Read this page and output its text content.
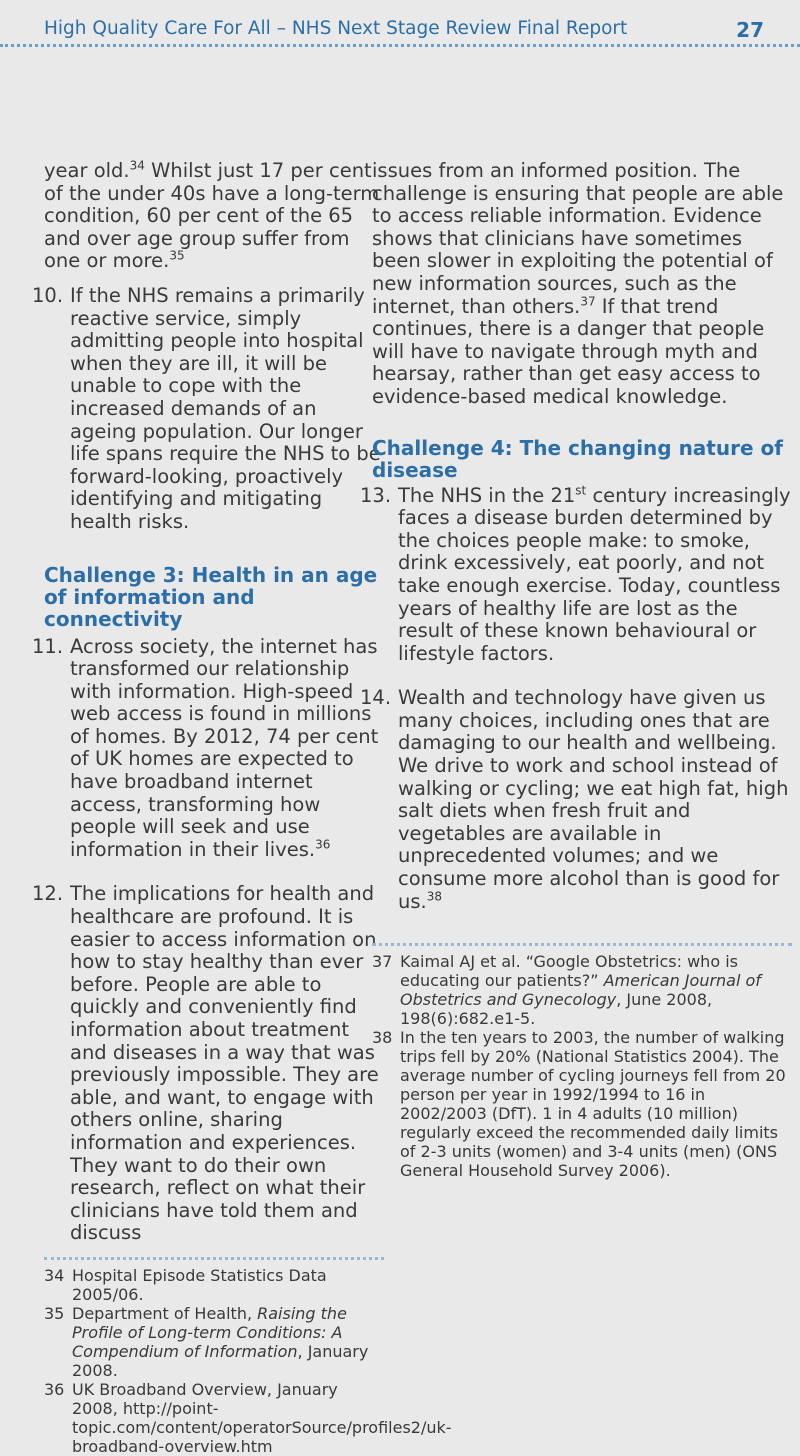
High Quality Care For All – NHS Next Stage Review Final Report	27

year old.$^{34}$ Whilst just 17 per cent of the under 40s have a long-term condition, 60 per cent of the 65 and over age group suffer from one or more.$^{35}$

10. If the NHS remains a primarily reactive service, simply admitting people into hospital when they are ill, it will be unable to cope with the increased demands of an ageing population. Our longer life spans require the NHS to be forward-looking, proactively identifying and mitigating health risks.
Challenge 3: Health in an age of information and connectivity
11. Across society, the internet has transformed our relationship with information. High-speed web access is found in millions of homes. By 2012, 74 per cent of UK homes are expected to have broadband internet access, transforming how people will seek and use information in their lives.$^{36}$
12. The implications for health and healthcare are profound. It is easier to access information on how to stay healthy than ever before. People are able to quickly and conveniently find information about treatment and diseases in a way that was previously impossible. They are able, and want, to engage with others online, sharing information and experiences. They want to do their own research, reflect on what their clinicians have told them and discuss
34 Hospital Episode Statistics Data 2005/06.
35 Department of Health, Raising the Profile of Long-term Conditions: A Compendium of Information, January 2008.
36 UK Broadband Overview, January 2008, http://point-topic.com/content/operatorSource/profiles2/uk-broadband-overview.htm

issues from an informed position. The challenge is ensuring that people are able to access reliable information. Evidence shows that clinicians have sometimes been slower in exploiting the potential of new information sources, such as the internet, than others.$^{37}$ If that trend continues, there is a danger that people will have to navigate through myth and hearsay, rather than get easy access to evidence-based medical knowledge.

Challenge 4: The changing nature of disease
13. The NHS in the 21st century increasingly faces a disease burden determined by the choices people make: to smoke, drink excessively, eat poorly, and not take enough exercise. Today, countless years of healthy life are lost as the result of these known behavioural or lifestyle factors.
14. Wealth and technology have given us many choices, including ones that are damaging to our health and wellbeing. We drive to work and school instead of walking or cycling; we eat high fat, high salt diets when fresh fruit and vegetables are available in unprecedented volumes; and we consume more alcohol than is good for us.$^{38}$
37 Kaimal AJ et al. “Google Obstetrics: who is educating our patients?” American Journal of Obstetrics and Gynecology, June 2008, 198(6):682.e1-5.
38 In the ten years to 2003, the number of walking trips fell by 20% (National Statistics 2004). The average number of cycling journeys fell from 20 person per year in 1992/1994 to 16 in 2002/2003 (DfT). 1 in 4 adults (10 million) regularly exceed the recommended daily limits of 2-3 units (women) and 3-4 units (men) (ONS General Household Survey 2006).
